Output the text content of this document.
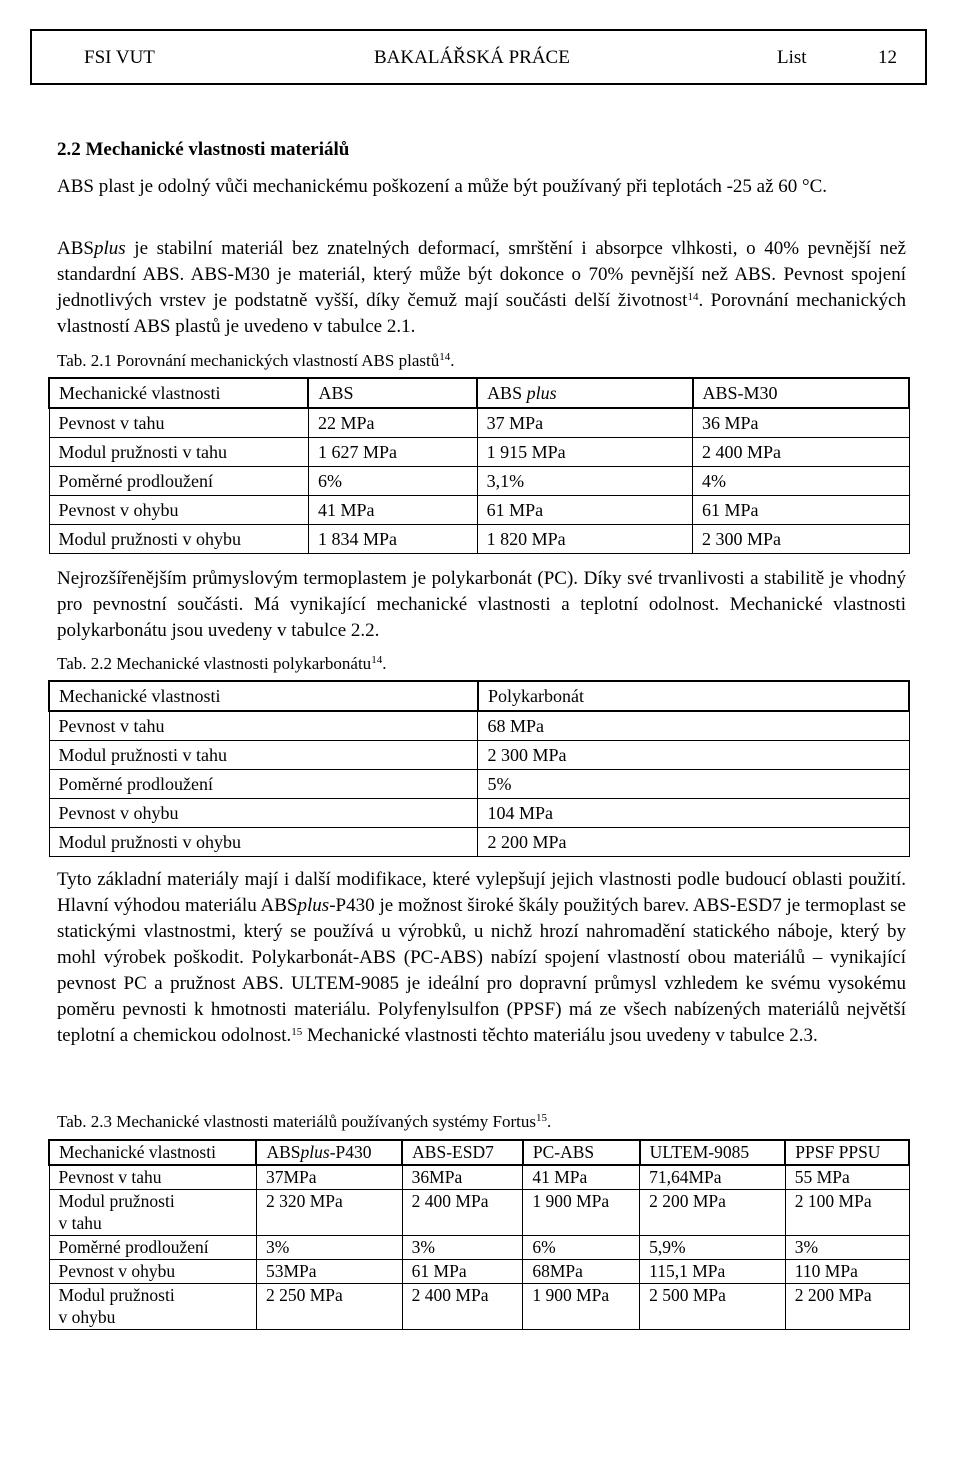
FSI VUT	BAKALÁŘSKÁ PRÁCE	List	12
2.2 Mechanické vlastnosti materiálů
ABS plast je odolný vůči mechanickému poškození a může být používaný při teplotách -25 až 60 °C.
ABSplus je stabilní materiál bez znatelných deformací, smrštění i absorpce vlhkosti, o 40% pevnější než standardní ABS. ABS-M30 je materiál, který může být dokonce o 70% pevnější než ABS. Pevnost spojení jednotlivých vrstev je podstatně vyšší, díky čemuž mají součásti delší životnost$^{14}$. Porovnání mechanických vlastností ABS plastů je uvedeno v tabulce 2.1.
Tab. 2.1 Porovnání mechanických vlastností ABS plastů$^{14}$.
Mechanické vlastnosti	ABS	ABS plus	ABS-M30
Pevnost v tahu	22 MPa	37 MPa	36 MPa
Modul pružnosti v tahu	1 627 MPa	1 915 MPa	2 400 MPa
Poměrné prodloužení	6%	3,1%	4%
Pevnost v ohybu	41 MPa	61 MPa	61 MPa
Modul pružnosti v ohybu	1 834 MPa	1 820 MPa	2 300 MPa
Nejrozšířenějším průmyslovým termoplastem je polykarbonát (PC). Díky své trvanlivosti a stabilitě je vhodný pro pevnostní součásti. Má vynikající mechanické vlastnosti a teplotní odolnost. Mechanické vlastnosti polykarbonátu jsou uvedeny v tabulce 2.2.
Tab. 2.2 Mechanické vlastnosti polykarbonátu$^{14}$.
Mechanické vlastnosti	Polykarbonát
Pevnost v tahu	68 MPa
Modul pružnosti v tahu	2 300 MPa
Poměrné prodloužení	5%
Pevnost v ohybu	104 MPa
Modul pružnosti v ohybu	2 200 MPa
Tyto základní materiály mají i další modifikace, které vylepšují jejich vlastnosti podle budoucí oblasti použití. Hlavní výhodou materiálu ABSplus-P430 je možnost široké škály použitých barev. ABS-ESD7 je termoplast se statickými vlastnostmi, který se používá u výrobků, u nichž hrozí nahromadění statického náboje, který by mohl výrobek poškodit. Polykarbonát-ABS (PC-ABS) nabízí spojení vlastností obou materiálů – vynikající pevnost PC a pružnost ABS. ULTEM-9085 je ideální pro dopravní průmysl vzhledem ke svému vysokému poměru pevnosti k hmotnosti materiálu. Polyfenylsulfon (PPSF) má ze všech nabízených materiálů největší teplotní a chemickou odolnost.$^{15}$ Mechanické vlastnosti těchto materiálu jsou uvedeny v tabulce 2.3.
Tab. 2.3 Mechanické vlastnosti materiálů používaných systémy Fortus$^{15}$.
Mechanické vlastnosti	ABSplus-P430	ABS-ESD7	PC-ABS	ULTEM-9085	PPSF PPSU
Pevnost v tahu	37MPa	36MPa	41 MPa	71,64MPa	55 MPa

Modul pružnosti
v tahu	2 320 MPa	2 400 MPa	1 900 MPa	2 200 MPa	2 100 MPa
Poměrné prodloužení	3%	3%	6%	5,9%	3%
Pevnost v ohybu	53MPa	61 MPa	68MPa	115,1 MPa	110 MPa

Modul pružnosti
v ohybu	2 250 MPa	2 400 MPa	1 900 MPa	2 500 MPa	2 200 MPa
